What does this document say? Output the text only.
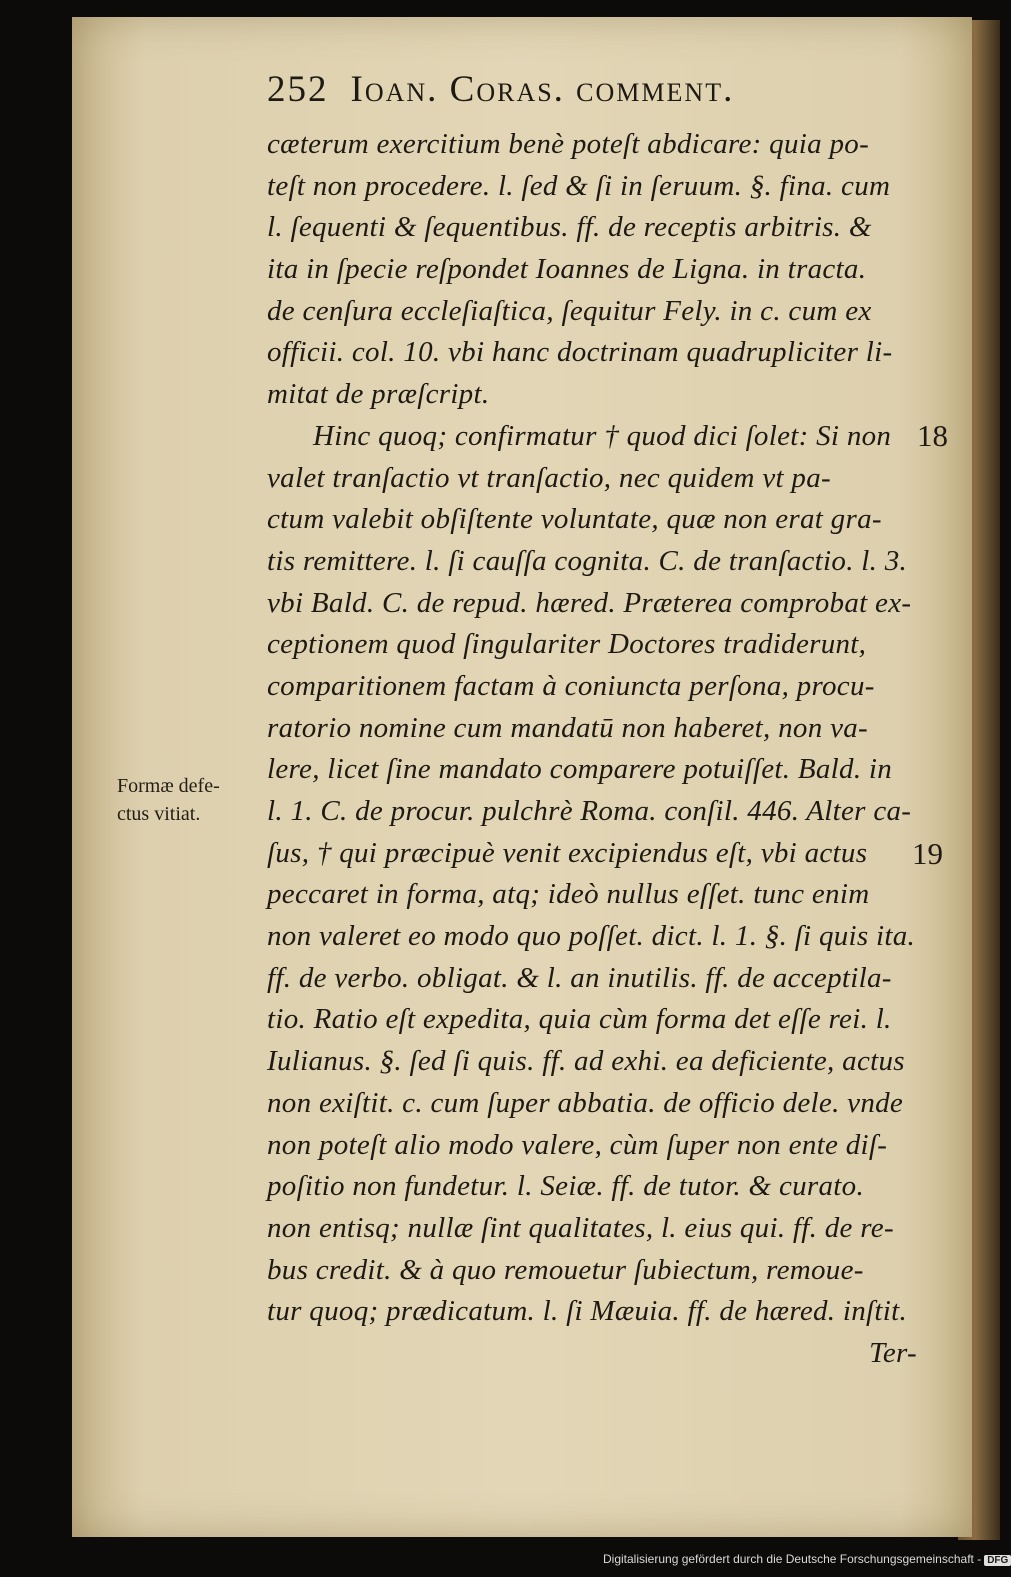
252 Ioan. Coras. comment.
cæterum exercitium benè poteſt abdicare: quia po-
teſt non procedere. l. ſed & ſi in ſeruum. §. fina. cum
l. ſequenti & ſequentibus. ff. de receptis arbitris. &
ita in ſpecie reſpondet Ioannes de Ligna. in tracta.
de cenſura eccleſiaſtica, ſequitur Fely. in c. cum ex
officii. col. 10. vbi hanc doctrinam quadrupliciter li-
mitat de præſcript.
Hinc quoq; confirmatur † quod dici ſolet: Si non
valet tranſactio vt tranſactio, nec quidem vt pa-
ctum valebit obſiſtente voluntate, quæ non erat gra-
tis remittere. l. ſi cauſſa cognita. C. de tranſactio. l. 3.
vbi Bald. C. de repud. hæred. Præterea comprobat ex-
ceptionem quod ſingulariter Doctores tradiderunt,
comparitionem factam à coniuncta perſona, procu-
ratorio nomine cum mandatū non haberet, non va-
lere, licet ſine mandato comparere potuiſſet. Bald. in
l. 1. C. de procur. pulchrè Roma. conſil. 446. Alter ca-
ſus, † qui præcipuè venit excipiendus eſt, vbi actus
peccaret in forma, atq; ideò nullus eſſet. tunc enim
non valeret eo modo quo poſſet. dict. l. 1. §. ſi quis ita.
ff. de verbo. obligat. & l. an inutilis. ff. de acceptila-
tio. Ratio eſt expedita, quia cùm forma det eſſe rei. l.
Iulianus. §. ſed ſi quis. ff. ad exhi. ea deficiente, actus
non exiſtit. c. cum ſuper abbatia. de officio dele. vnde
non poteſt alio modo valere, cùm ſuper non ente diſ-
poſitio non fundetur. l. Seiæ. ff. de tutor. & curato.
non entisq; nullæ ſint qualitates, l. eius qui. ff. de re-
bus credit. & à quo remouetur ſubiectum, remoue-
tur quoq; prædicatum. l. ſi Mæuia. ff. de hæred. inſtit.
Ter-
Formæ defe-
ctus vitiat.
18
19
Digitalisierung gefördert durch die Deutsche Forschungsgemeinschaft - DFG
